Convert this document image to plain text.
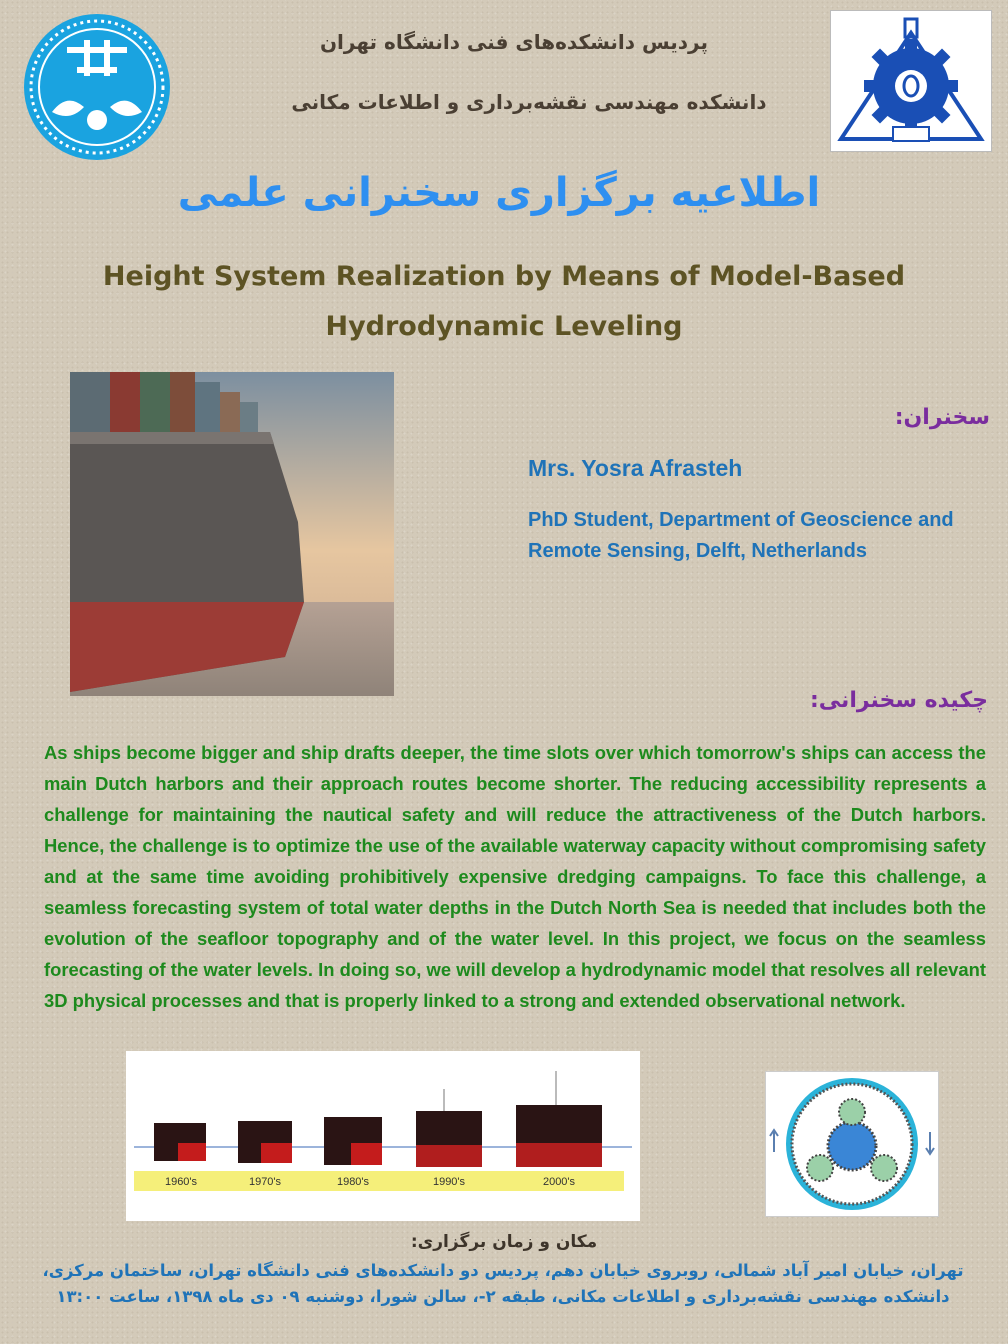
پردیس دانشکده‌های فنی دانشگاه تهران
دانشکده مهندسی نقشه‌برداری و اطلاعات مکانی
اطلاعیه برگزاری سخنرانی علمی
Height System Realization by Means of Model-Based Hydrodynamic Leveling
سخنران:
Mrs. Yosra Afrasteh
PhD Student, Department of Geoscience and Remote Sensing, Delft, Netherlands
چکیده سخنرانی:
As ships become bigger and ship drafts deeper, the time slots over which tomorrow's ships can access the main Dutch harbors and their approach routes become shorter. The reducing accessibility represents a challenge for maintaining the nautical safety and will reduce the attractiveness of the Dutch harbors. Hence, the challenge is to optimize the use of the available waterway capacity without compromising safety and at the same time avoiding prohibitively expensive dredging campaigns. To face this challenge, a seamless forecasting system of total water depths in the Dutch North Sea is needed that includes both the evolution of the seafloor topography and of the water level. In this project, we focus on the seamless forecasting of the water levels. In doing so, we will develop a hydrodynamic model that resolves all relevant 3D physical processes and that is properly linked to a strong and extended observational network.
1960's	1970's	1980's	1990's	2000's
مکان و زمان برگزاری:
تهران، خیابان امیر آباد شمالی، روبروی خیابان دهم، پردیس دو دانشکده‌های فنی دانشگاه تهران، ساختمان مرکزی، دانشکده مهندسی نقشه‌برداری و اطلاعات مکانی، طبقه ۲-، سالن شورا، دوشنبه ۰۹ دی ماه ۱۳۹۸، ساعت ۱۳:۰۰
